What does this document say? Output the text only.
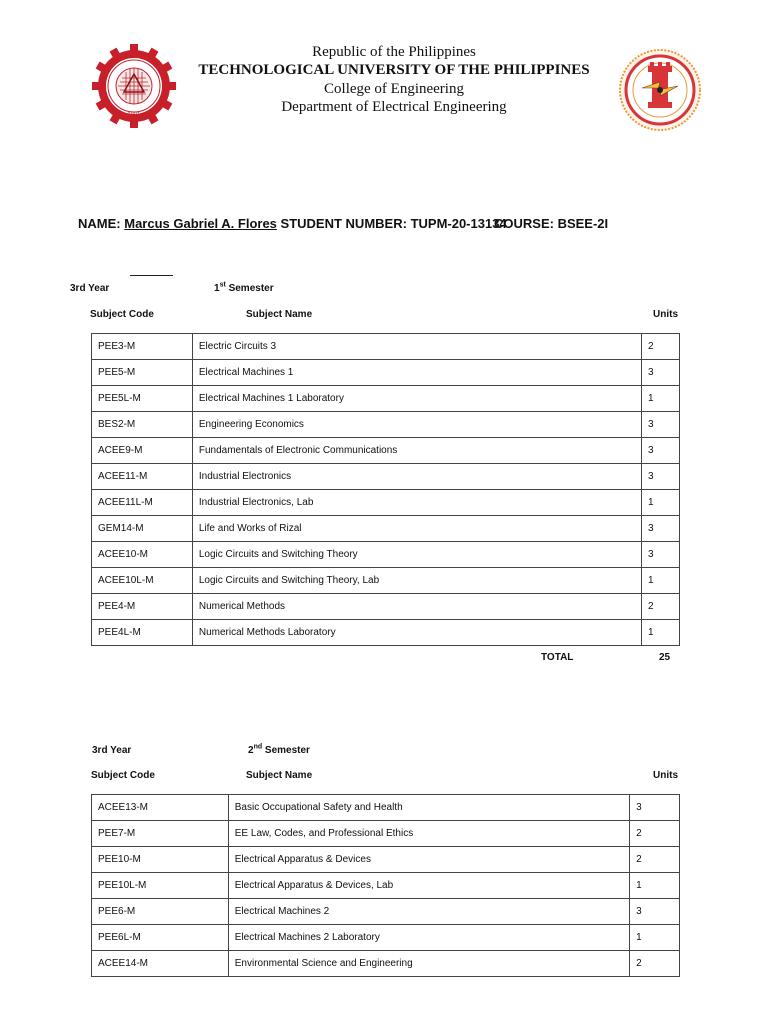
1901
Republic of the Philippines
TECHNOLOGICAL UNIVERSITY OF THE PHILIPPINES
College of Engineering
Department of Electrical Engineering
NAME: Marcus Gabriel A. Flores STUDENT NUMBER: TUPM-20-13134
COURSE: BSEE-2I
3rd Year	1st Semester
Subject Code	Subject Name	Units
PEE3-M	Electric Circuits 3	2
PEE5-M	Electrical Machines 1	3
PEE5L-M	Electrical Machines 1 Laboratory	1
BES2-M	Engineering Economics	3
ACEE9-M	Fundamentals of Electronic Communications	3
ACEE11-M	Industrial Electronics	3
ACEE11L-M	Industrial Electronics, Lab	1
GEM14-M	Life and Works of Rizal	3
ACEE10-M	Logic Circuits and Switching Theory	3
ACEE10L-M	Logic Circuits and Switching Theory, Lab	1
PEE4-M	Numerical Methods	2
PEE4L-M	Numerical Methods Laboratory	1
TOTAL	25
3rd Year	2nd Semester
Subject Code	Subject Name	Units
ACEE13-M	Basic Occupational Safety and Health	3
PEE7-M	EE Law, Codes, and Professional Ethics	2
PEE10-M	Electrical Apparatus & Devices	2
PEE10L-M	Electrical Apparatus & Devices, Lab	1
PEE6-M	Electrical Machines 2	3
PEE6L-M	Electrical Machines 2 Laboratory	1
ACEE14-M	Environmental Science and Engineering	2
